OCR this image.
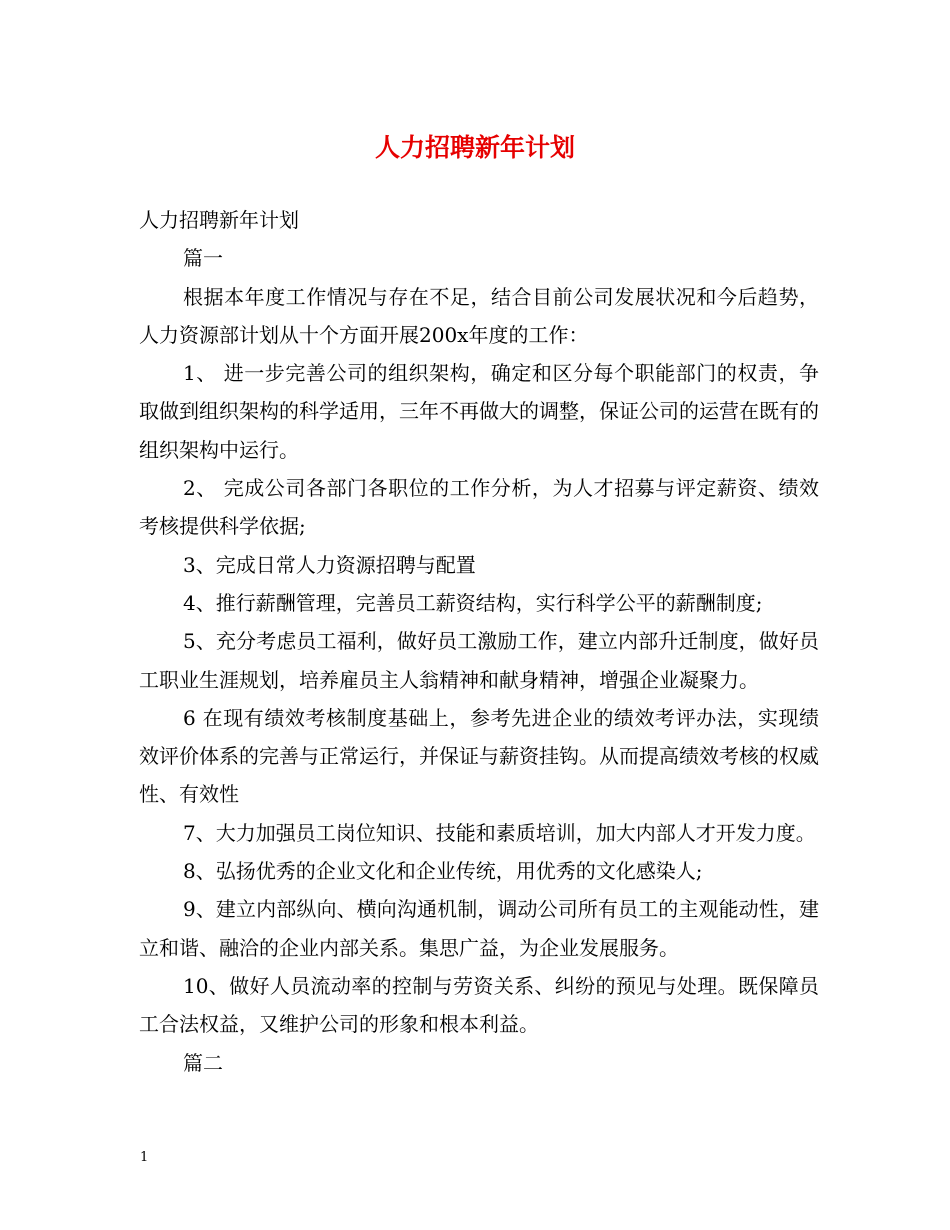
人力招聘新年计划

人力招聘新年计划

篇一

根据本年度工作情况与存在不足，结合目前公司发展状况和今后趋势，人力资源部计划从十个方面开展200x年度的工作：

1、 进一步完善公司的组织架构，确定和区分每个职能部门的权责，争取做到组织架构的科学适用，三年不再做大的调整，保证公司的运营在既有的组织架构中运行。

2、 完成公司各部门各职位的工作分析，为人才招募与评定薪资、绩效考核提供科学依据;

3、完成日常人力资源招聘与配置

4、推行薪酬管理，完善员工薪资结构，实行科学公平的薪酬制度;

5、充分考虑员工福利，做好员工激励工作，建立内部升迁制度，做好员工职业生涯规划，培养雇员主人翁精神和献身精神，增强企业凝聚力。

6 在现有绩效考核制度基础上，参考先进企业的绩效考评办法，实现绩效评价体系的完善与正常运行，并保证与薪资挂钩。从而提高绩效考核的权威性、有效性

7、大力加强员工岗位知识、技能和素质培训，加大内部人才开发力度。

8、弘扬优秀的企业文化和企业传统，用优秀的文化感染人;

9、建立内部纵向、横向沟通机制，调动公司所有员工的主观能动性，建立和谐、融洽的企业内部关系。集思广益，为企业发展服务。

10、做好人员流动率的控制与劳资关系、纠纷的预见与处理。既保障员工合法权益，又维护公司的形象和根本利益。

篇二

1
